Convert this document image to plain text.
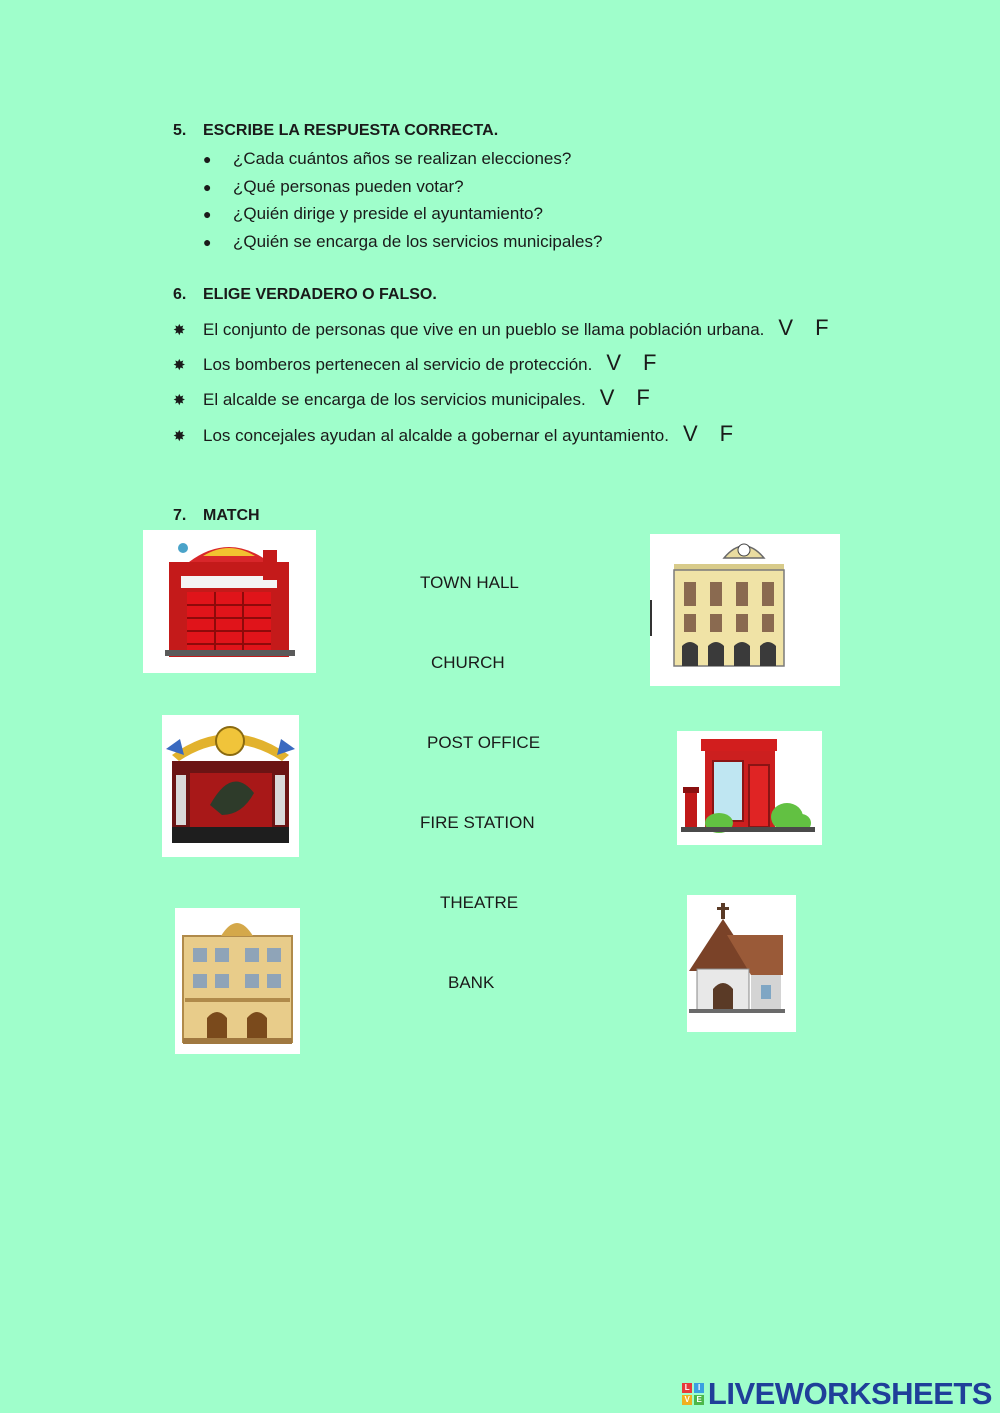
5. ESCRIBE LA RESPUESTA CORRECTA.
● ¿Cada cuántos años se realizan elecciones?
● ¿Qué personas pueden votar?
● ¿Quién dirige y preside el ayuntamiento?
● ¿Quién se encarga de los servicios municipales?
6. ELIGE VERDADERO O FALSO.
✸ El conjunto de personas que vive en un pueblo se llama población urbana. V F
✸ Los bomberos pertenecen al servicio de protección. V F
✸ El alcalde se encarga de los servicios municipales. V F
✸ Los concejales ayudan al alcalde a gobernar el ayuntamiento. V F
7. MATCH
TOWN HALL
CHURCH
POST OFFICE
FIRE STATION
THEATRE
BANK
L	I
V E LIVEWORKSHEETS
